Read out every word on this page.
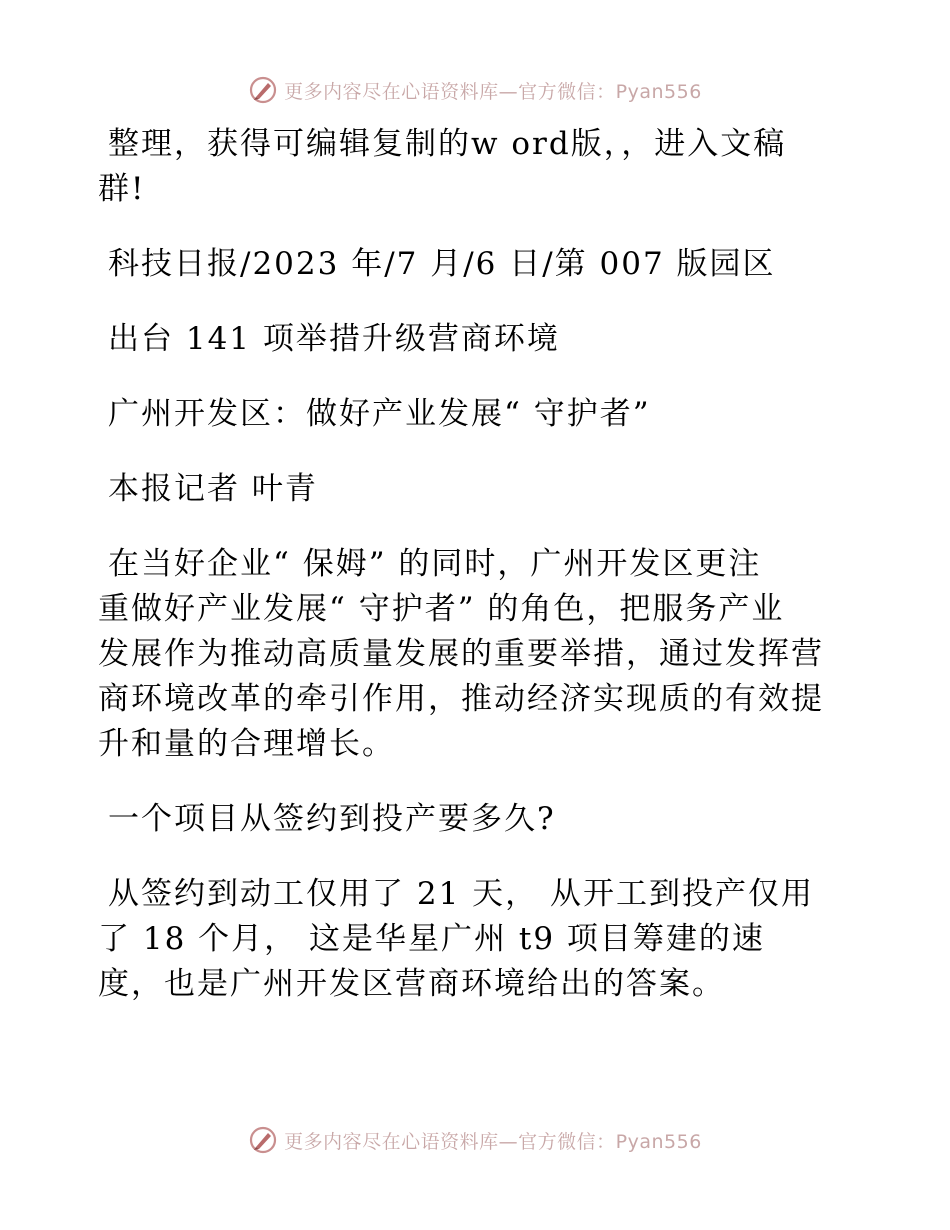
更多内容尽在心语资料库—官方微信：Pyan556
整理，获得可编辑复制的w ord版，，进入文稿
群!
科技日报/2023 年/7 月/6 日/第 007 版园区
出台 141 项举措升级营商环境
广州开发区：做好产业发展“ 守护者”
本报记者 叶青
在当好企业“ 保姆” 的同时，广州开发区更注
重做好产业发展“ 守护者” 的角色，把服务产业
发展作为推动高质量发展的重要举措，通过发挥营
商环境改革的牵引作用，推动经济实现质的有效提
升和量的合理增长。
一个项目从签约到投产要多久?
从签约到动工仅用了 21 天， 从开工到投产仅用
了 18 个月， 这是华星广州 t9 项目筹建的速
度，也是广州开发区营商环境给出的答案。
更多内容尽在心语资料库—官方微信：Pyan556
